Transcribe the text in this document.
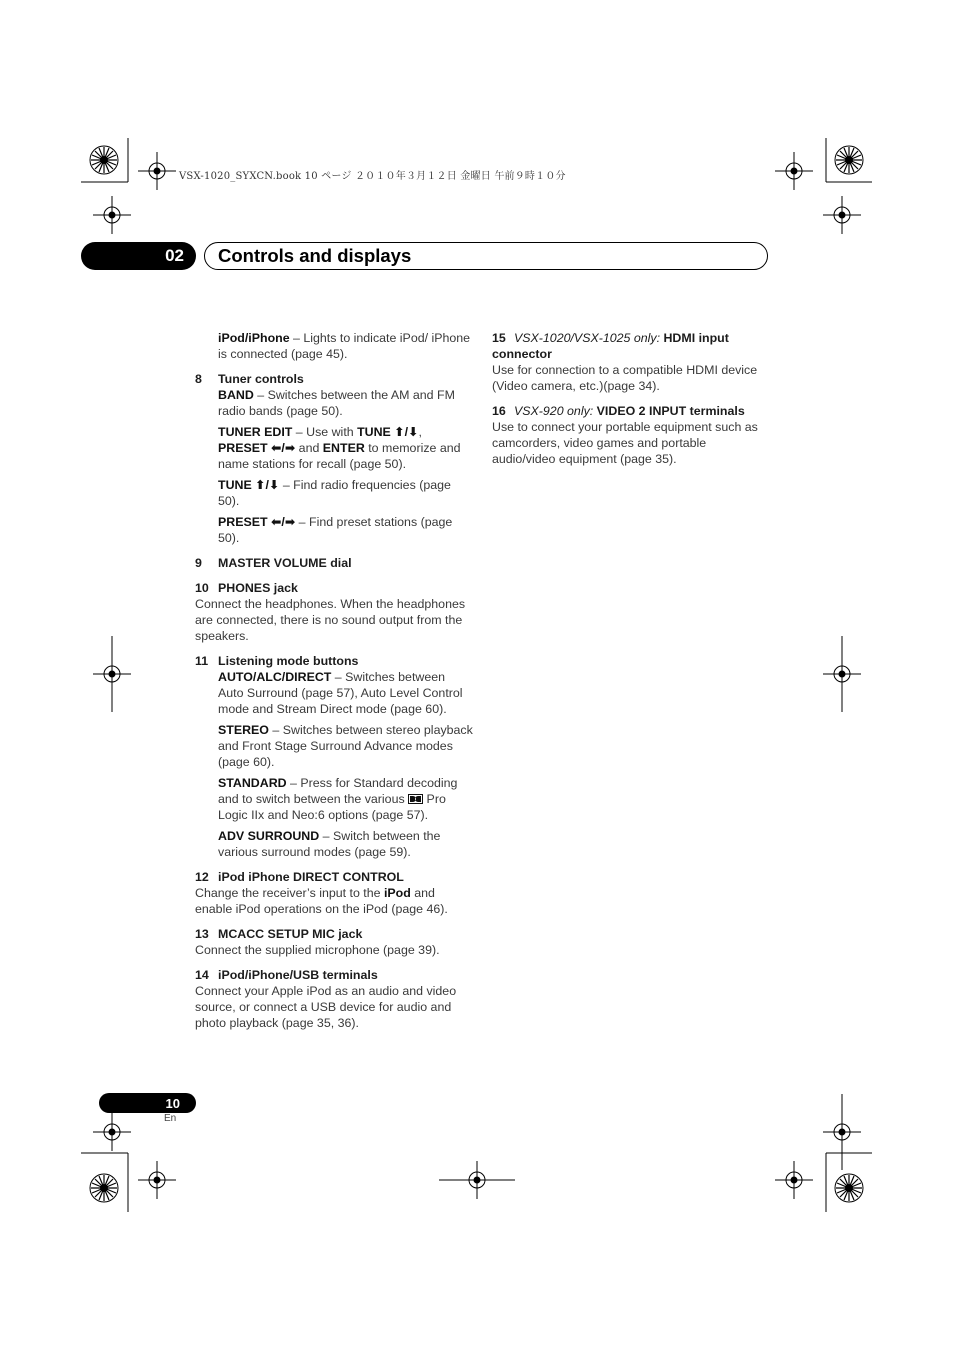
VSX-1020_SYXCN.book 10 ページ ２０１０年３月１２日 金曜日 午前９時１０分
02 Controls and displays
iPod/iPhone – Lights to indicate iPod/ iPhone is connected (page 45).
8	Tuner controls
BAND – Switches between the AM and FM radio bands (page 50).
TUNER EDIT – Use with TUNE ⬆/⬇, PRESET ⬅/➡ and ENTER to memorize and name stations for recall (page 50).
TUNE ⬆/⬇ – Find radio frequencies (page 50).
PRESET ⬅/➡ – Find preset stations (page 50).
9	MASTER VOLUME dial
10 PHONES jack
Connect the headphones. When the headphones are connected, there is no sound output from the speakers.
11 Listening mode buttons
AUTO/ALC/DIRECT – Switches between Auto Surround (page 57), Auto Level Control mode and Stream Direct mode (page 60).
STEREO – Switches between stereo playback and Front Stage Surround Advance modes (page 60).
STANDARD – Press for Standard decoding and to switch between the various  Pro Logic IIx and Neo:6 options (page 57).
ADV SURROUND – Switch between the various surround modes (page 59).
12 iPod iPhone DIRECT CONTROL
Change the receiver’s input to the iPod and enable iPod operations on the iPod (page 46).
13 MCACC SETUP MIC jack
Connect the supplied microphone (page 39).
14 iPod/iPhone/USB terminals
Connect your Apple iPod as an audio and video source, or connect a USB device for audio and photo playback (page 35, 36).
15 VSX-1020/VSX-1025 only: HDMI input connector
Use for connection to a compatible HDMI device (Video camera, etc.)(page 34).
16 VSX-920 only: VIDEO 2 INPUT terminals
Use to connect your portable equipment such as camcorders, video games and portable audio/video equipment (page 35).
10
En
